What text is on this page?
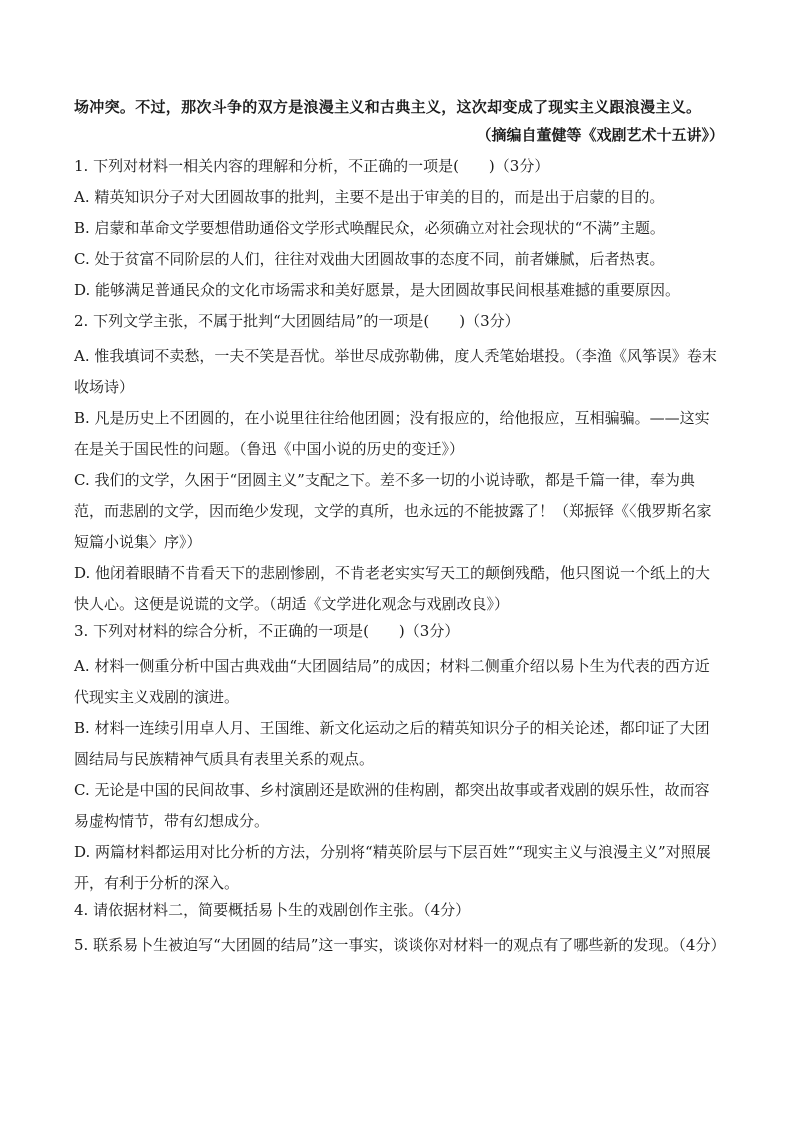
场冲突。不过，那次斗争的双方是浪漫主义和古典主义，这次却变成了现实主义跟浪漫主义。

（摘编自董健等《戏剧艺术十五讲》）

1. 下列对材料一相关内容的理解和分析，不正确的一项是(　　)（3分）

A. 精英知识分子对大团圆故事的批判，主要不是出于审美的目的，而是出于启蒙的目的。

B. 启蒙和革命文学要想借助通俗文学形式唤醒民众，必须确立对社会现状的“不满”主题。

C. 处于贫富不同阶层的人们，往往对戏曲大团圆故事的态度不同，前者嫌腻，后者热衷。

D. 能够满足普通民众的文化市场需求和美好愿景，是大团圆故事民间根基难撼的重要原因。

2. 下列文学主张，不属于批判“大团圆结局”的一项是(　　)（3分）

A. 惟我填词不卖愁，一夫不笑是吾忧。举世尽成弥勒佛，度人秃笔始堪投。（李渔《风筝误》卷末收场诗）

B. 凡是历史上不团圆的，在小说里往往给他团圆；没有报应的，给他报应，互相骗骗。——这实在是关于国民性的问题。（鲁迅《中国小说的历史的变迁》）

C. 我们的文学，久困于“团圆主义”支配之下。差不多一切的小说诗歌，都是千篇一律，奉为典范，而悲剧的文学，因而绝少发现，文学的真所，也永远的不能披露了！（郑振铎《〈俄罗斯名家短篇小说集〉序》）

D. 他闭着眼睛不肯看天下的悲剧惨剧，不肯老老实实写天工的颠倒残酷，他只图说一个纸上的大快人心。这便是说谎的文学。（胡适《文学进化观念与戏剧改良》）

3. 下列对材料的综合分析，不正确的一项是(　　)（3分）

A. 材料一侧重分析中国古典戏曲“大团圆结局”的成因；材料二侧重介绍以易卜生为代表的西方近代现实主义戏剧的演进。

B. 材料一连续引用卓人月、王国维、新文化运动之后的精英知识分子的相关论述，都印证了大团圆结局与民族精神气质具有表里关系的观点。

C. 无论是中国的民间故事、乡村演剧还是欧洲的佳构剧，都突出故事或者戏剧的娱乐性，故而容易虚构情节，带有幻想成分。

D. 两篇材料都运用对比分析的方法，分别将“精英阶层与下层百姓”“现实主义与浪漫主义”对照展开，有利于分析的深入。

4. 请依据材料二，简要概括易卜生的戏剧创作主张。（4分）

5. 联系易卜生被迫写“大团圆的结局”这一事实，谈谈你对材料一的观点有了哪些新的发现。（4分）
